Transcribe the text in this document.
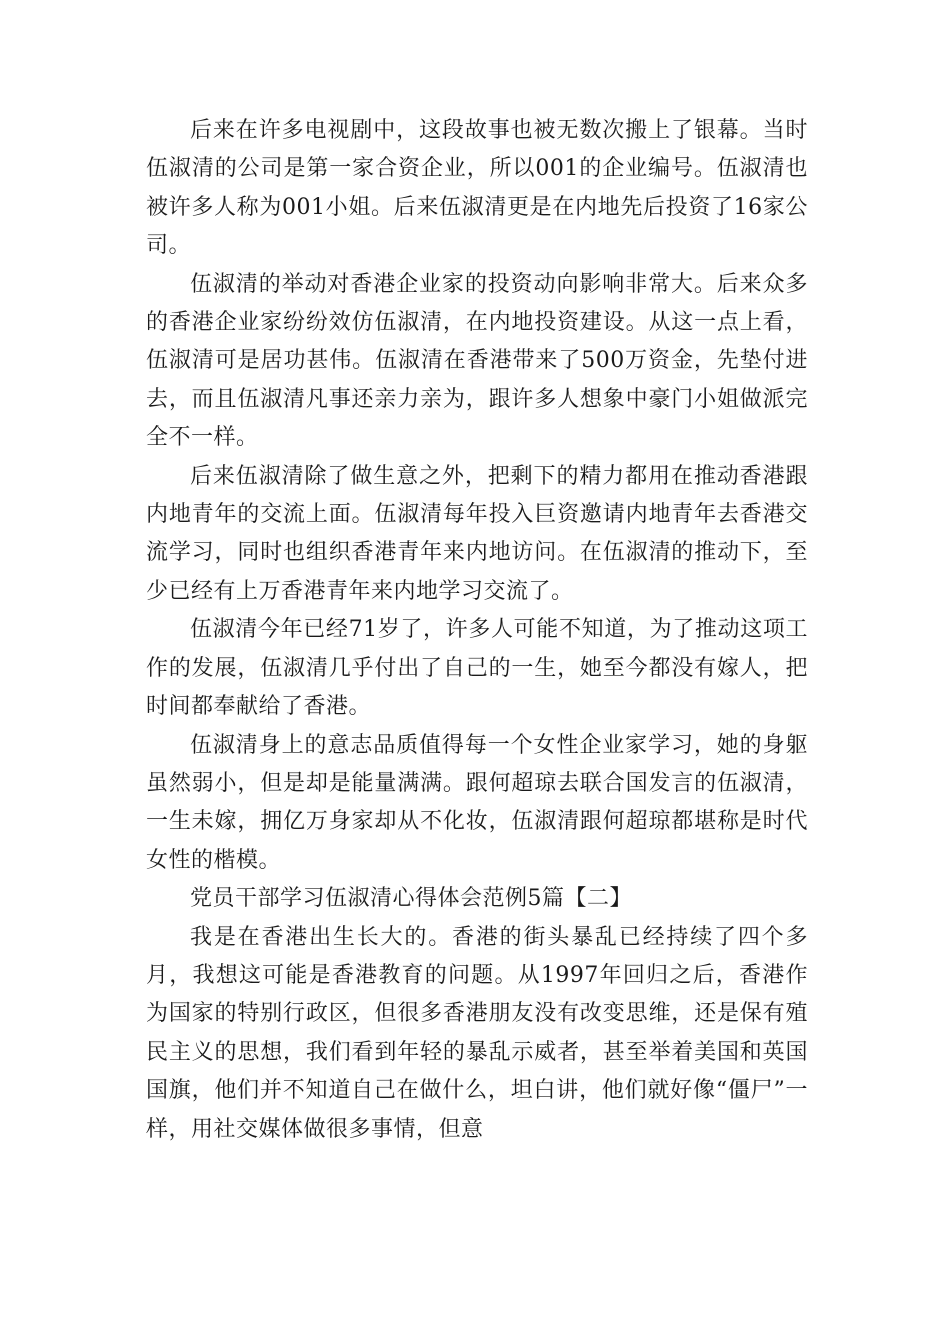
后来在许多电视剧中，这段故事也被无数次搬上了银幕。当时伍淑清的公司是第一家合资企业，所以001的企业编号。伍淑清也被许多人称为001小姐。后来伍淑清更是在内地先后投资了16家公司。

伍淑清的举动对香港企业家的投资动向影响非常大。后来众多的香港企业家纷纷效仿伍淑清，在内地投资建设。从这一点上看，伍淑清可是居功甚伟。伍淑清在香港带来了500万资金，先垫付进去，而且伍淑清凡事还亲力亲为，跟许多人想象中豪门小姐做派完全不一样。

后来伍淑清除了做生意之外，把剩下的精力都用在推动香港跟内地青年的交流上面。伍淑清每年投入巨资邀请内地青年去香港交流学习，同时也组织香港青年来内地访问。在伍淑清的推动下，至少已经有上万香港青年来内地学习交流了。

伍淑清今年已经71岁了，许多人可能不知道，为了推动这项工作的发展，伍淑清几乎付出了自己的一生，她至今都没有嫁人，把时间都奉献给了香港。

伍淑清身上的意志品质值得每一个女性企业家学习，她的身躯虽然弱小，但是却是能量满满。跟何超琼去联合国发言的伍淑清，一生未嫁，拥亿万身家却从不化妆，伍淑清跟何超琼都堪称是时代女性的楷模。

党员干部学习伍淑清心得体会范例5篇【二】

我是在香港出生长大的。香港的街头暴乱已经持续了四个多月，我想这可能是香港教育的问题。从1997年回归之后，香港作为国家的特别行政区，但很多香港朋友没有改变思维，还是保有殖民主义的思想，我们看到年轻的暴乱示威者，甚至举着美国和英国国旗，他们并不知道自己在做什么，坦白讲，他们就好像“僵尸”一样，用社交媒体做很多事情，但意
